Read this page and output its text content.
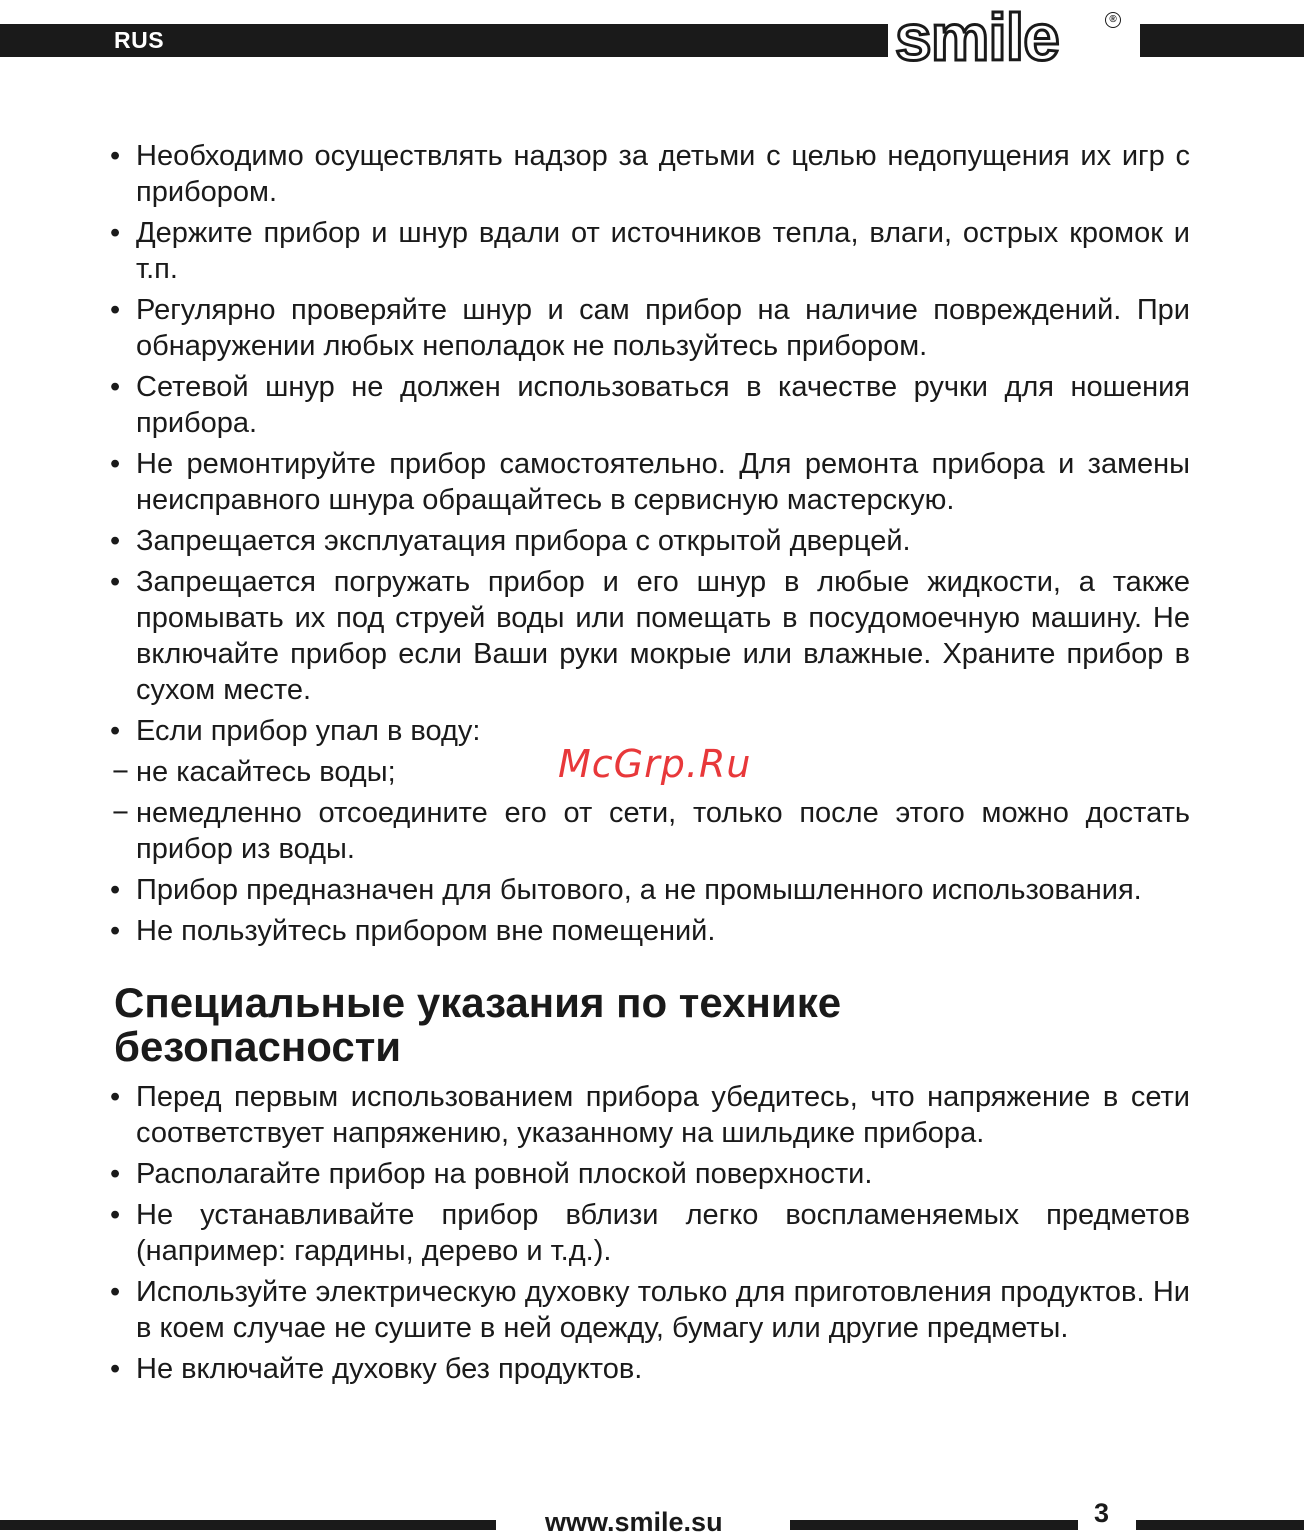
RUS	smile	®
• Необходимо осуществлять надзор за детьми с целью недопущения их игр с прибором.
• Держите прибор и шнур вдали от источников тепла, влаги, острых кромок и т.п.
• Регулярно проверяйте шнур и сам прибор на наличие повреждений. При обнаружении любых неполадок не пользуйтесь прибором.
• Сетевой шнур не должен использоваться в качестве ручки для ношения прибора.
• Не ремонтируйте прибор самостоятельно. Для ремонта прибора и замены неисправного шнура обращайтесь в сервисную мастерскую.
• Запрещается эксплуатация прибора с открытой дверцей.
• Запрещается погружать прибор и его шнур в любые жидкости, а также промывать их под струей воды или помещать в посудомоечную машину. Не включайте прибор если Ваши руки мокрые или влажные. Храните прибор в сухом месте.
• Если прибор упал в воду:
− не касайтесь воды;
− немедленно отсоедините его от сети, только после этого можно достать прибор из воды.
• Прибор предназначен для бытового, а не промышленного использования.
• Не пользуйтесь прибором вне помещений.
Специальные указания по технике безопасности
• Перед первым использованием прибора убедитесь, что напряжение в сети соответствует напряжению, указанному на шильдике прибора.
• Располагайте прибор на ровной плоской поверхности.
• Не устанавливайте прибор вблизи легко воспламеняемых предметов (например: гардины, дерево и т.д.).
• Используйте электрическую духовку только для приготовления продуктов. Ни в коем случае не сушите в ней одежду, бумагу или другие предметы.
• Не включайте духовку без продуктов.
McGrp.Ru
www.smile.su	3
